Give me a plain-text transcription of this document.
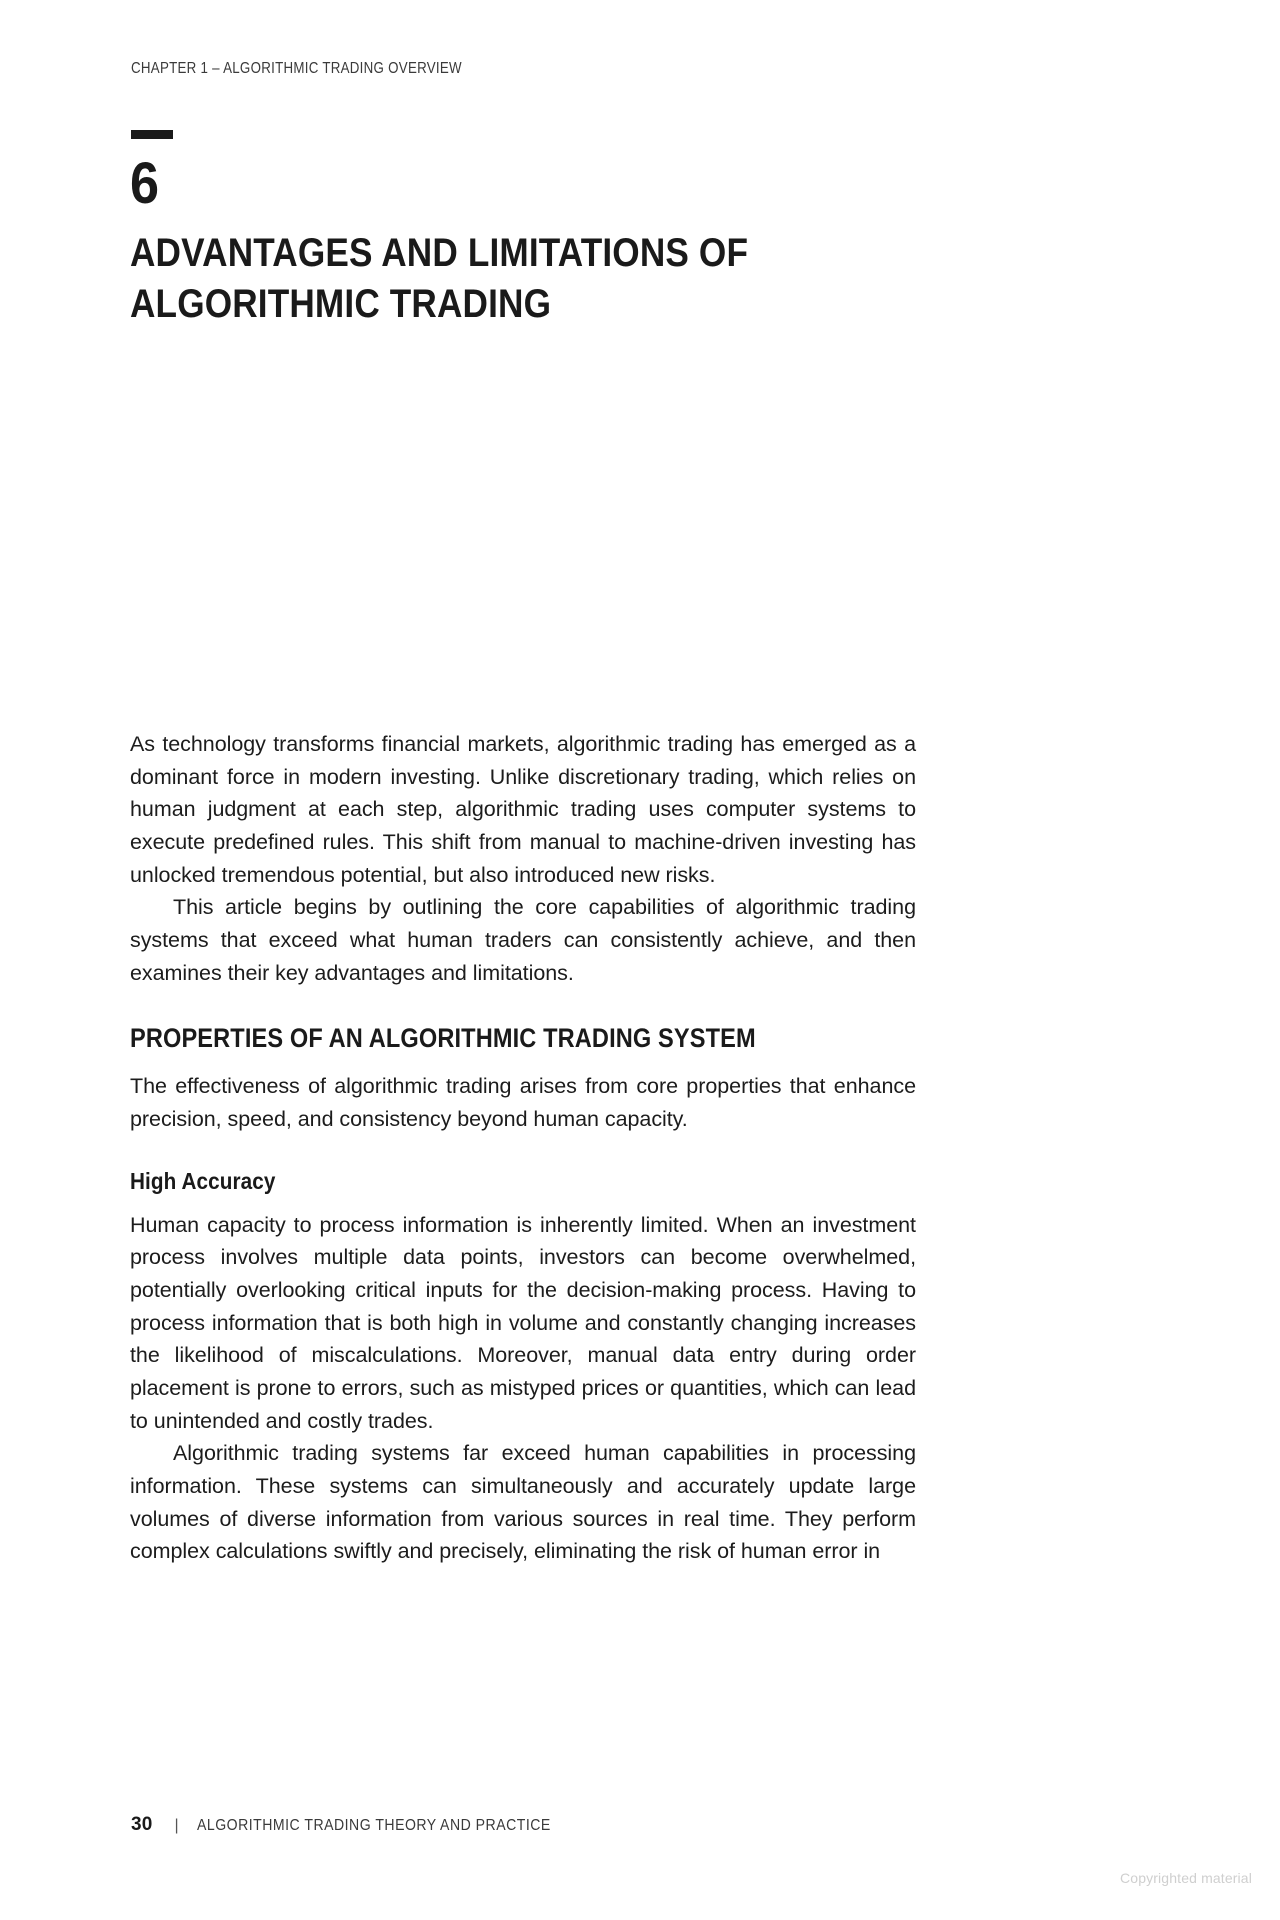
CHAPTER 1 – ALGORITHMIC TRADING OVERVIEW
6
ADVANTAGES AND LIMITATIONS OF
ALGORITHMIC TRADING

As technology transforms financial markets, algorithmic trading has emerged as a dominant force in modern investing. Unlike discretionary trading, which relies on human judgment at each step, algorithmic trading uses computer systems to execute predefined rules. This shift from manual to machine-driven investing has unlocked tremendous potential, but also introduced new risks.

This article begins by outlining the core capabilities of algorithmic trading systems that exceed what human traders can consistently achieve, and then examines their key advantages and limitations.

PROPERTIES OF AN ALGORITHMIC TRADING SYSTEM

The effectiveness of algorithmic trading arises from core properties that enhance precision, speed, and consistency beyond human capacity.

High Accuracy

Human capacity to process information is inherently limited. When an investment process involves multiple data points, investors can become overwhelmed, potentially overlooking critical inputs for the decision-making process. Having to process information that is both high in volume and constantly changing increases the likelihood of miscalculations. Moreover, manual data entry during order placement is prone to errors, such as mistyped prices or quantities, which can lead to unintended and costly trades.

Algorithmic trading systems far exceed human capabilities in processing information. These systems can simultaneously and accurately update large volumes of diverse information from various sources in real time. They perform complex calculations swiftly and precisely, eliminating the risk of human error in

30 | ALGORITHMIC TRADING THEORY AND PRACTICE
Copyrighted material
